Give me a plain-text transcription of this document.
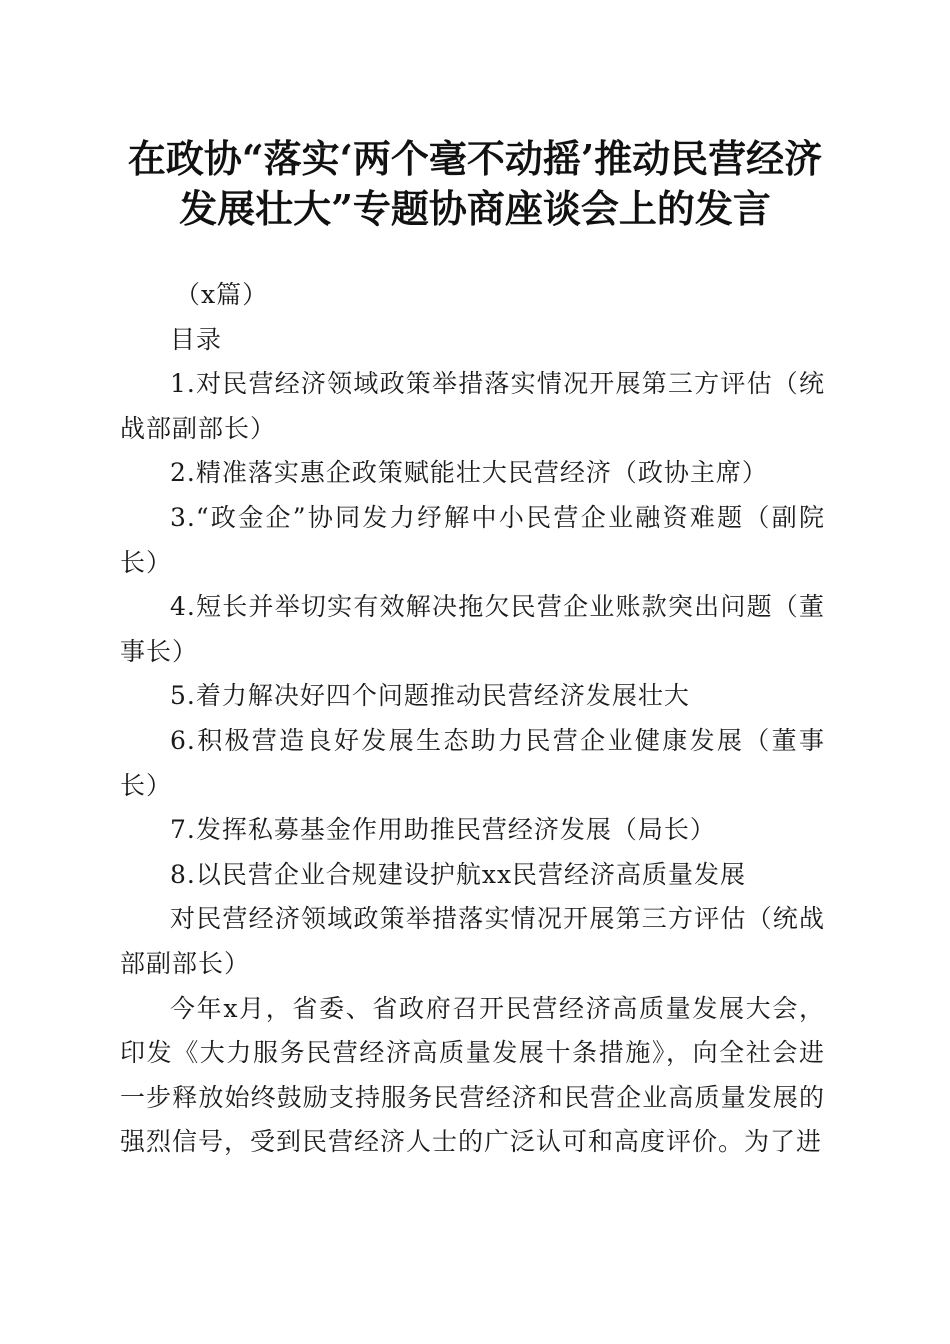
在政协“落实‘两个毫不动摇’推动民营经济
发展壮大”专题协商座谈会上的发言

（x篇）

目录

1.对民营经济领域政策举措落实情况开展第三方评估（统战部副部长）

2.精准落实惠企政策赋能壮大民营经济（政协主席）

3.“政金企”协同发力纾解中小民营企业融资难题（副院长）

4.短长并举切实有效解决拖欠民营企业账款突出问题（董事长）

5.着力解决好四个问题推动民营经济发展壮大

6.积极营造良好发展生态助力民营企业健康发展（董事长）

7.发挥私募基金作用助推民营经济发展（局长）

8.以民营企业合规建设护航xx民营经济高质量发展

对民营经济领域政策举措落实情况开展第三方评估（统战部副部长）

今年x月，省委、省政府召开民营经济高质量发展大会，印发《大力服务民营经济高质量发展十条措施》，向全社会进一步释放始终鼓励支持服务民营经济和民营企业高质量发展的强烈信号，受到民营经济人士的广泛认可和高度评价。为了进
